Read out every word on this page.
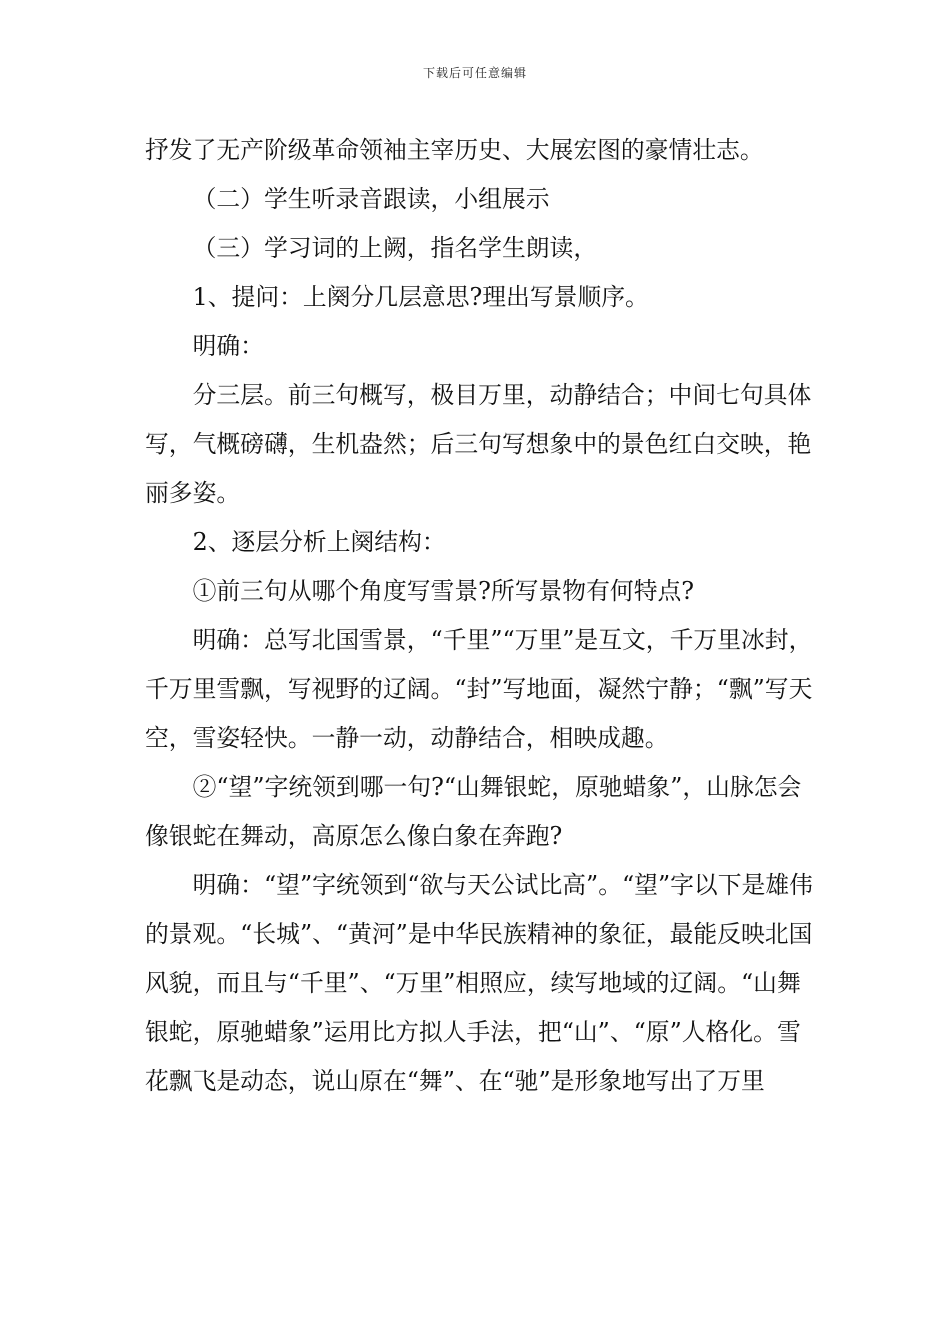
下载后可任意编辑

抒发了无产阶级革命领袖主宰历史、大展宏图的豪情壮志。

（二）学生听录音跟读，小组展示

（三）学习词的上阙，指名学生朗读，

1、提问：上阕分几层意思?理出写景顺序。

明确：

分三层。前三句概写，极目万里，动静结合；中间七句具体写，气概磅礴，生机盎然；后三句写想象中的景色红白交映，艳丽多姿。

2、逐层分析上阕结构：

①前三句从哪个角度写雪景?所写景物有何特点?

明确：总写北国雪景，“千里”“万里”是互文，千万里冰封，千万里雪飘，写视野的辽阔。“封”写地面，凝然宁静；“飘”写天空，雪姿轻快。一静一动，动静结合，相映成趣。

②“望”字统领到哪一句?“山舞银蛇，原驰蜡象”，山脉怎会像银蛇在舞动，高原怎么像白象在奔跑?

明确：“望”字统领到“欲与天公试比高”。“望”字以下是雄伟的景观。“长城”、“黄河”是中华民族精神的象征，最能反映北国风貌，而且与“千里”、“万里”相照应，续写地域的辽阔。“山舞银蛇，原驰蜡象”运用比方拟人手法，把“山”、“原”人格化。雪花飘飞是动态，说山原在“舞”、在“驰”是形象地写出了万里
